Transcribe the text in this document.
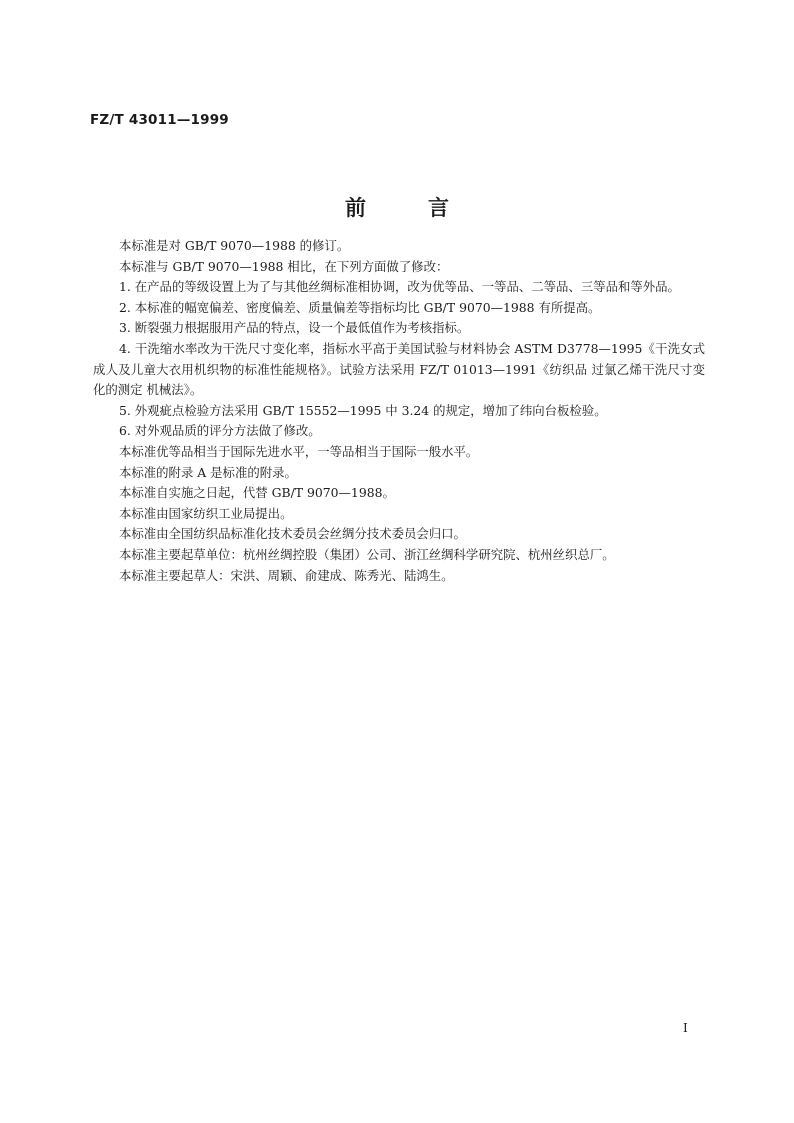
FZ/T 43011—1999
前	言

本标准是对 GB/T 9070—1988 的修订。

本标准与 GB/T 9070—1988 相比，在下列方面做了修改：

1. 在产品的等级设置上为了与其他丝绸标准相协调，改为优等品、一等品、二等品、三等品和等外品。

2. 本标准的幅宽偏差、密度偏差、质量偏差等指标均比 GB/T 9070—1988 有所提高。

3. 断裂强力根据服用产品的特点，设一个最低值作为考核指标。

4. 干洗缩水率改为干洗尺寸变化率，指标水平高于美国试验与材料协会 ASTM D3778—1995《干洗女式成人及儿童大衣用机织物的标准性能规格》。试验方法采用 FZ/T 01013—1991《纺织品 过氯乙烯干洗尺寸变化的测定 机械法》。

5. 外观疵点检验方法采用 GB/T 15552—1995 中 3.24 的规定，增加了纬向台板检验。

6. 对外观品质的评分方法做了修改。

本标准优等品相当于国际先进水平，一等品相当于国际一般水平。

本标准的附录 A 是标准的附录。

本标准自实施之日起，代替 GB/T 9070—1988。

本标准由国家纺织工业局提出。

本标准由全国纺织品标准化技术委员会丝绸分技术委员会归口。

本标准主要起草单位：杭州丝绸控股（集团）公司、浙江丝绸科学研究院、杭州丝织总厂。

本标准主要起草人：宋洪、周颖、俞建成、陈秀光、陆鸿生。

I
